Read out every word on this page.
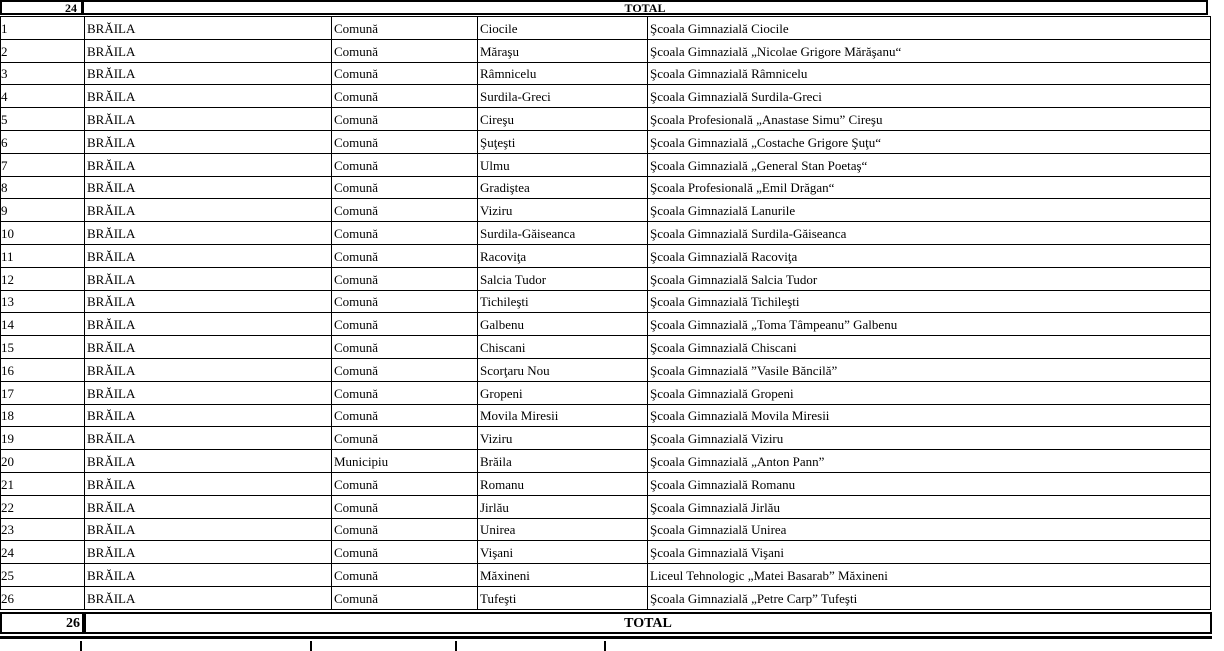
24	TOTAL
1	BRĂILA	Comună	Ciocile	Şcoala Gimnazială Ciocile
2	BRĂILA	Comună	Măraşu	Şcoala Gimnazială „Nicolae Grigore Mărăşanu“
3	BRĂILA	Comună	Râmnicelu	Şcoala Gimnazială Râmnicelu
4	BRĂILA	Comună	Surdila-Greci	Şcoala Gimnazială Surdila-Greci
5	BRĂILA	Comună	Cireşu	Şcoala Profesională „Anastase Simu” Cireşu
6	BRĂILA	Comună	Şuţeşti	Şcoala Gimnazială „Costache Grigore Şuţu“
7	BRĂILA	Comună	Ulmu	Şcoala Gimnazială „General Stan Poetaş“
8	BRĂILA	Comună	Gradiştea	Şcoala Profesională „Emil Drăgan“
9	BRĂILA	Comună	Viziru	Şcoala Gimnazială Lanurile
10	BRĂILA	Comună	Surdila-Găiseanca	Şcoala Gimnazială Surdila-Găiseanca
11	BRĂILA	Comună	Racoviţa	Şcoala Gimnazială Racoviţa
12	BRĂILA	Comună	Salcia Tudor	Şcoala Gimnazială Salcia Tudor
13	BRĂILA	Comună	Tichileşti	Şcoala Gimnazială Tichileşti
14	BRĂILA	Comună	Galbenu	Şcoala Gimnazială „Toma Tâmpeanu” Galbenu
15	BRĂILA	Comună	Chiscani	Şcoala Gimnazială Chiscani
16	BRĂILA	Comună	Scorţaru Nou	Şcoala Gimnazială ”Vasile Băncilă”
17	BRĂILA	Comună	Gropeni	Şcoala Gimnazială Gropeni
18	BRĂILA	Comună	Movila Miresii	Şcoala Gimnazială Movila Miresii
19	BRĂILA	Comună	Viziru	Şcoala Gimnazială Viziru
20	BRĂILA	Municipiu	Brăila	Şcoala Gimnazială „Anton Pann”
21	BRĂILA	Comună	Romanu	Şcoala Gimnazială Romanu
22	BRĂILA	Comună	Jirlău	Şcoala Gimnazială Jirlău
23	BRĂILA	Comună	Unirea	Şcoala Gimnazială Unirea
24	BRĂILA	Comună	Vişani	Şcoala Gimnazială Vişani
25	BRĂILA	Comună	Măxineni	Liceul Tehnologic „Matei Basarab” Măxineni
26	BRĂILA	Comună	Tufeşti	Şcoala Gimnazială „Petre Carp” Tufeşti
26	TOTAL
